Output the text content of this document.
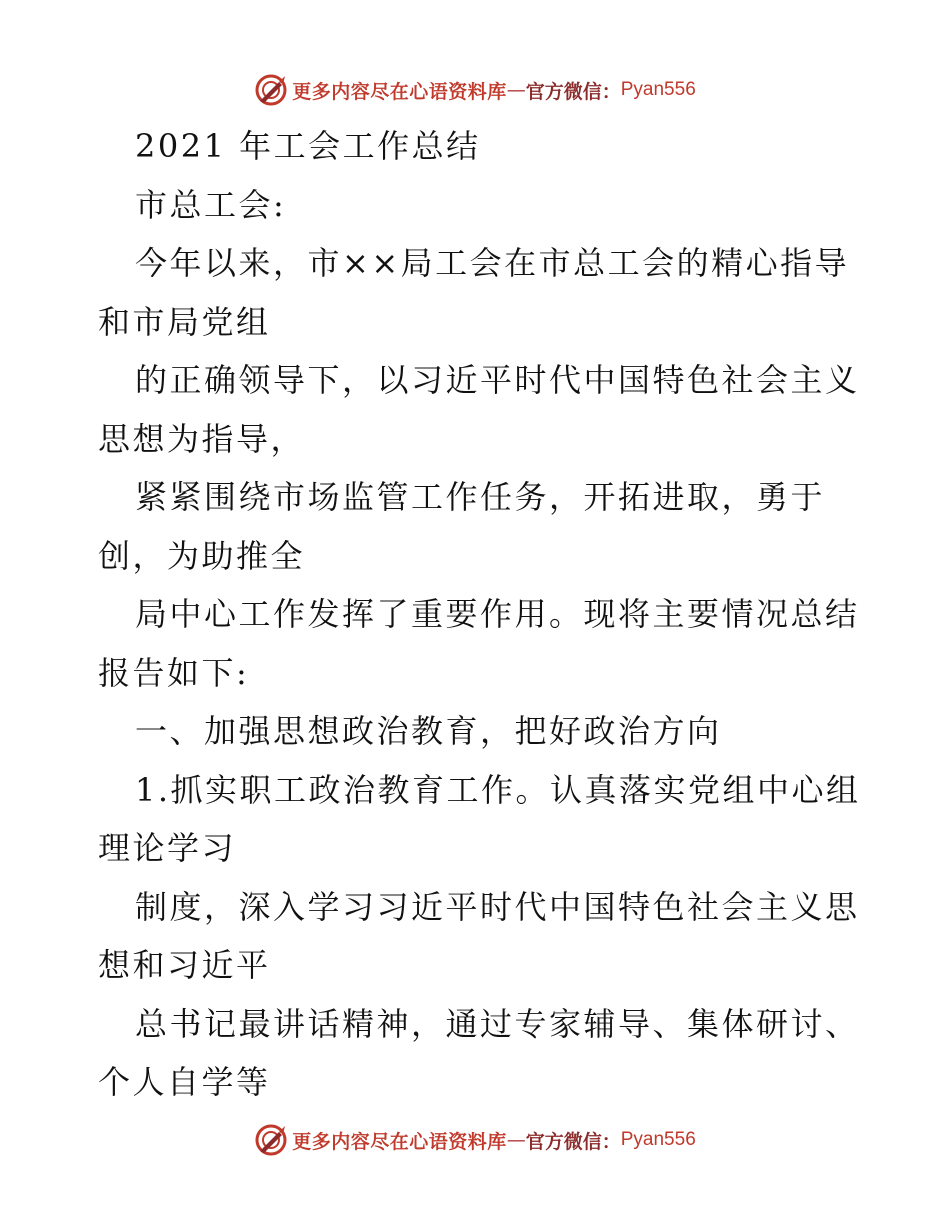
更多内容尽在心语资料库 — 官方微信： Pyan556
2021 年工会工作总结
市总工会:
今年以来，市××局工会在市总工会的精心指导
和市局党组
的正确领导下，以习近平时代中国特色社会主义
思想为指导，
紧紧围绕市场监管工作任务，开拓进取，勇于
创，为助推全
局中心工作发挥了重要作用。现将主要情况总结
报告如下:
一、加强思想政治教育，把好政治方向
1.抓实职工政治教育工作。认真落实党组中心组
理论学习
制度，深入学习习近平时代中国特色社会主义思
想和习近平
总书记最讲话精神，通过专家辅导、集体研讨、
个人自学等
更多内容尽在心语资料库 — 官方微信： Pyan556
